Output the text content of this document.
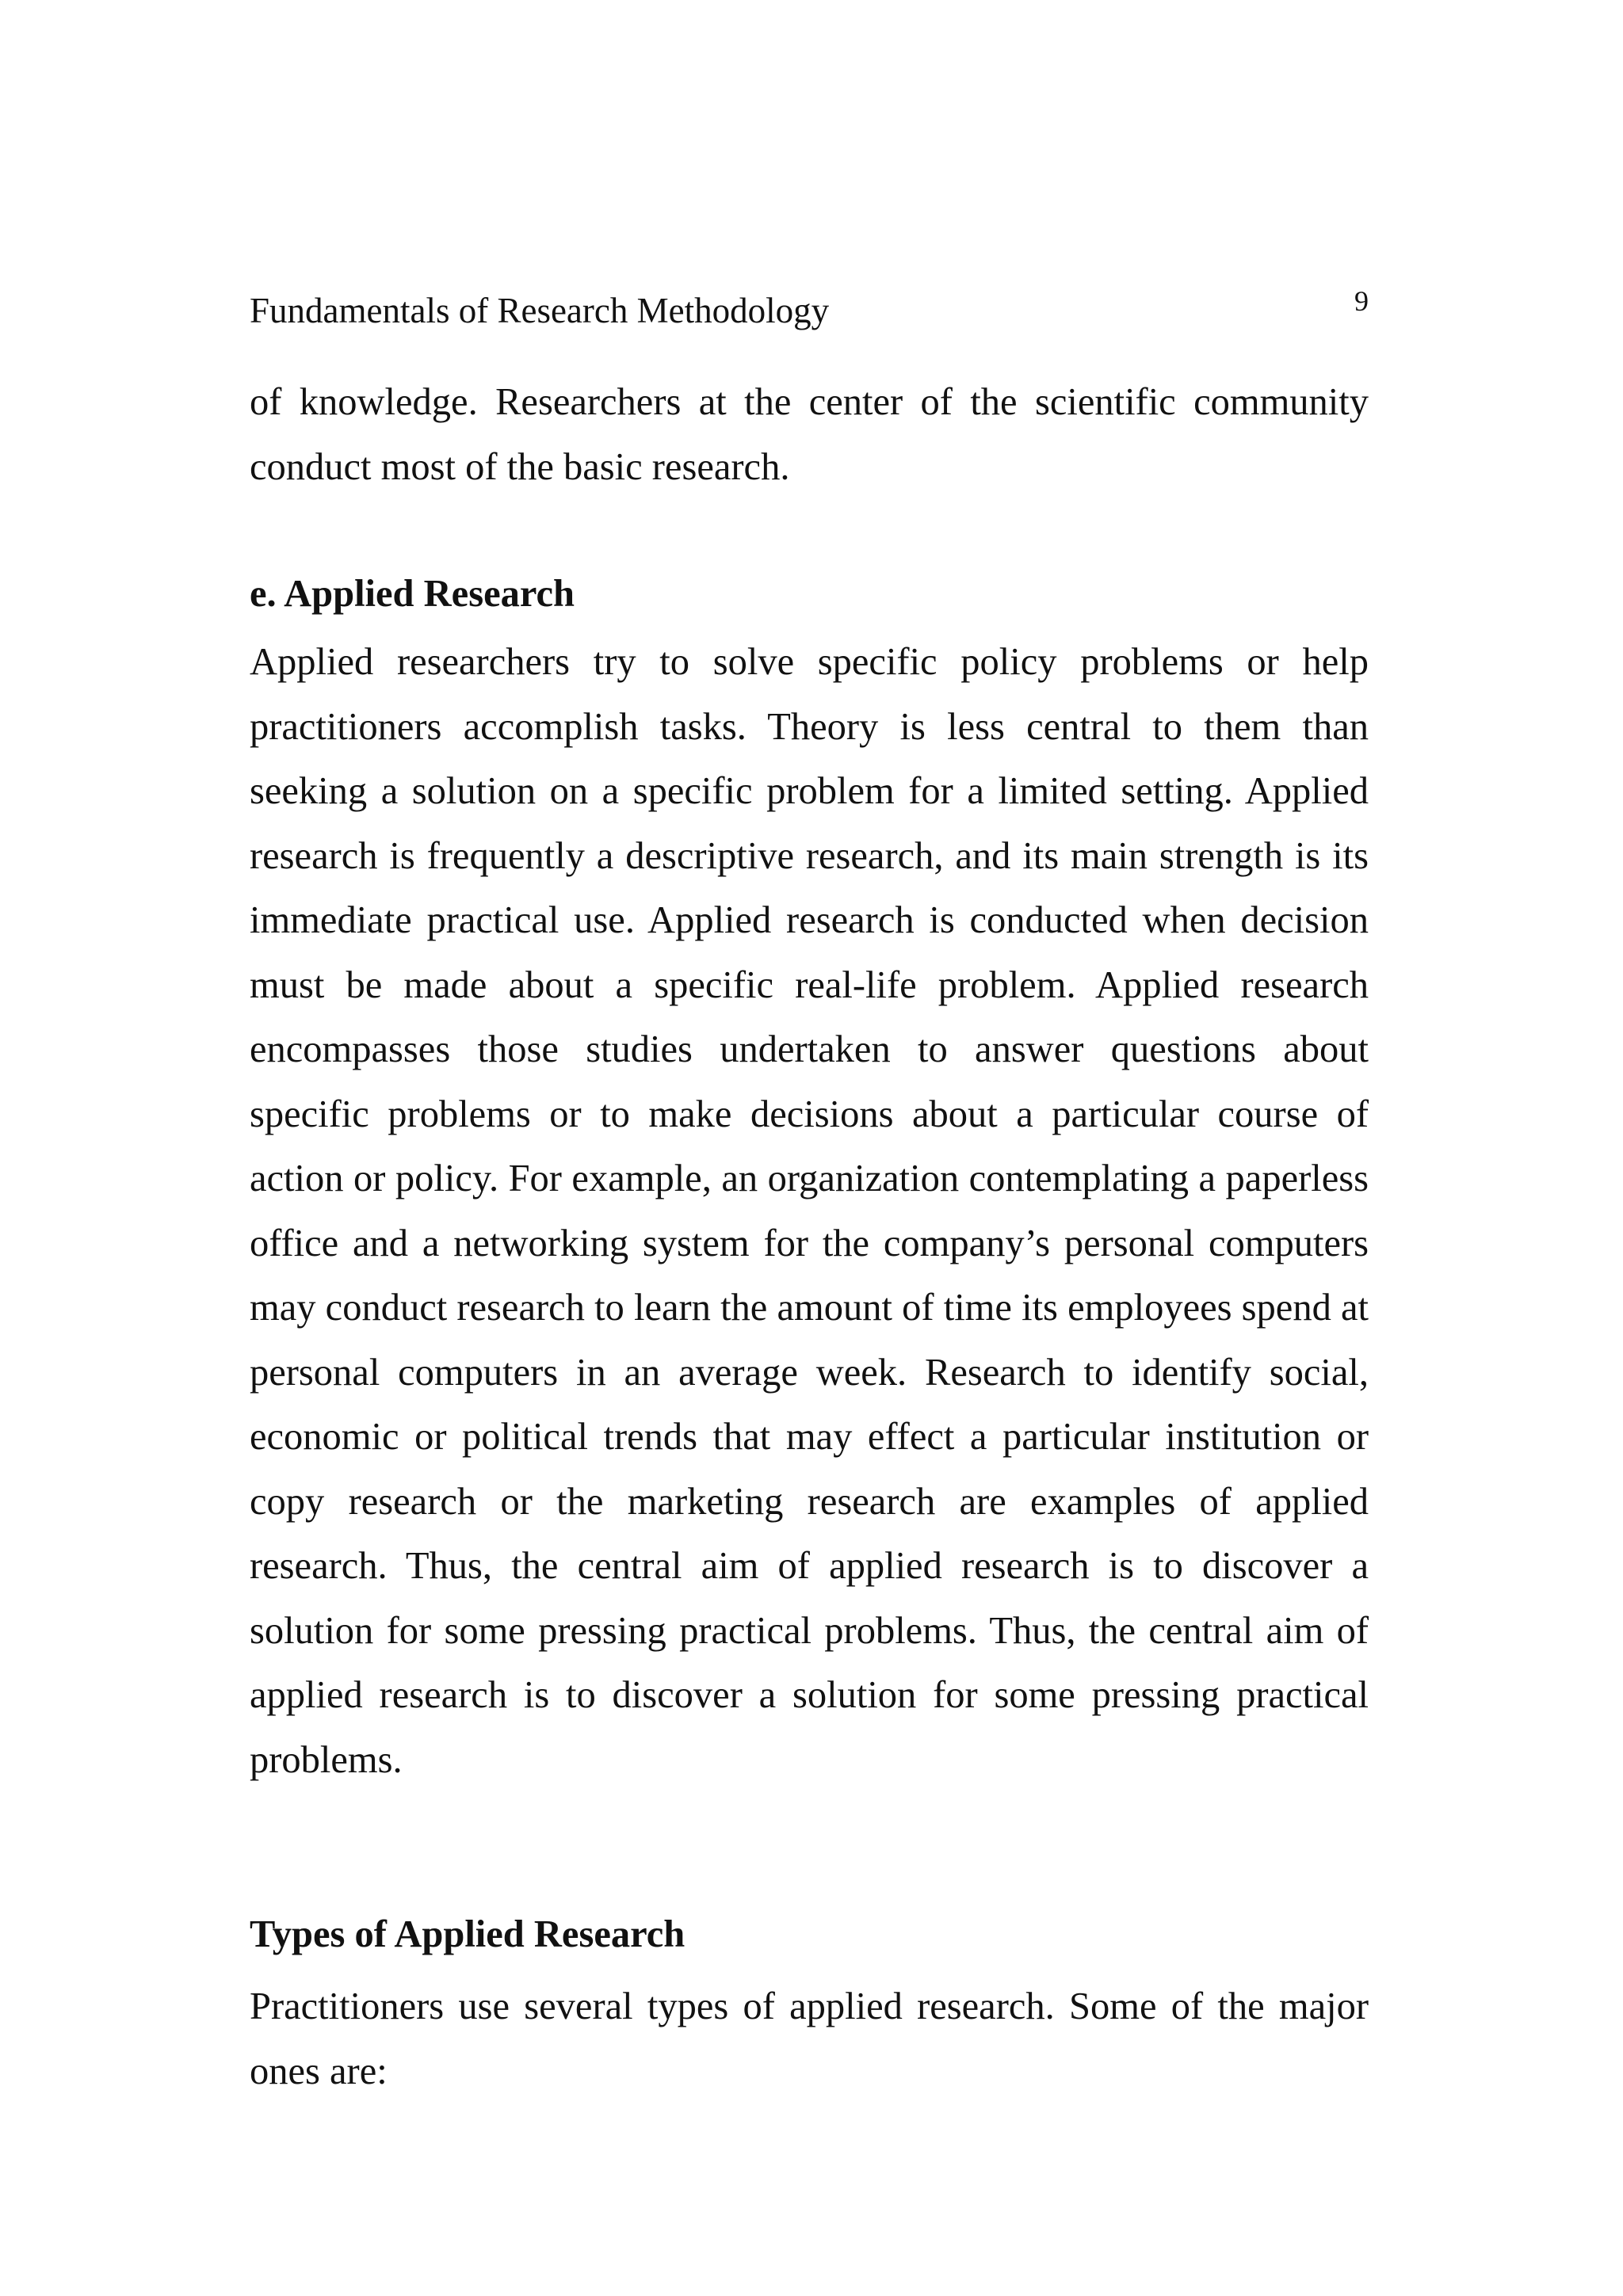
Fundamentals of Research Methodology	9

of knowledge. Researchers at the center of the scientific community conduct most of the basic research.

e. Applied Research

Applied researchers try to solve specific policy problems or help practitioners accomplish tasks. Theory is less central to them than seeking a solution on a specific problem for a limited setting. Applied research is frequently a descriptive research, and its main strength is its immediate practical use. Applied research is conducted when decision must be made about a specific real-life problem. Applied research encompasses those studies undertaken to answer questions about specific problems or to make decisions about a particular course of action or policy. For example, an organization contemplating a paperless office and a networking system for the company’s personal computers may conduct research to learn the amount of time its employees spend at personal computers in an average week. Research to identify social, economic or political trends that may effect a particular institution or copy research or the marketing research are examples of applied research. Thus, the central aim of applied research is to discover a solution for some pressing practical problems. Thus, the central aim of applied research is to discover a solution for some pressing practical problems.

Types of Applied Research

Practitioners use several types of applied research. Some of the major ones are:
